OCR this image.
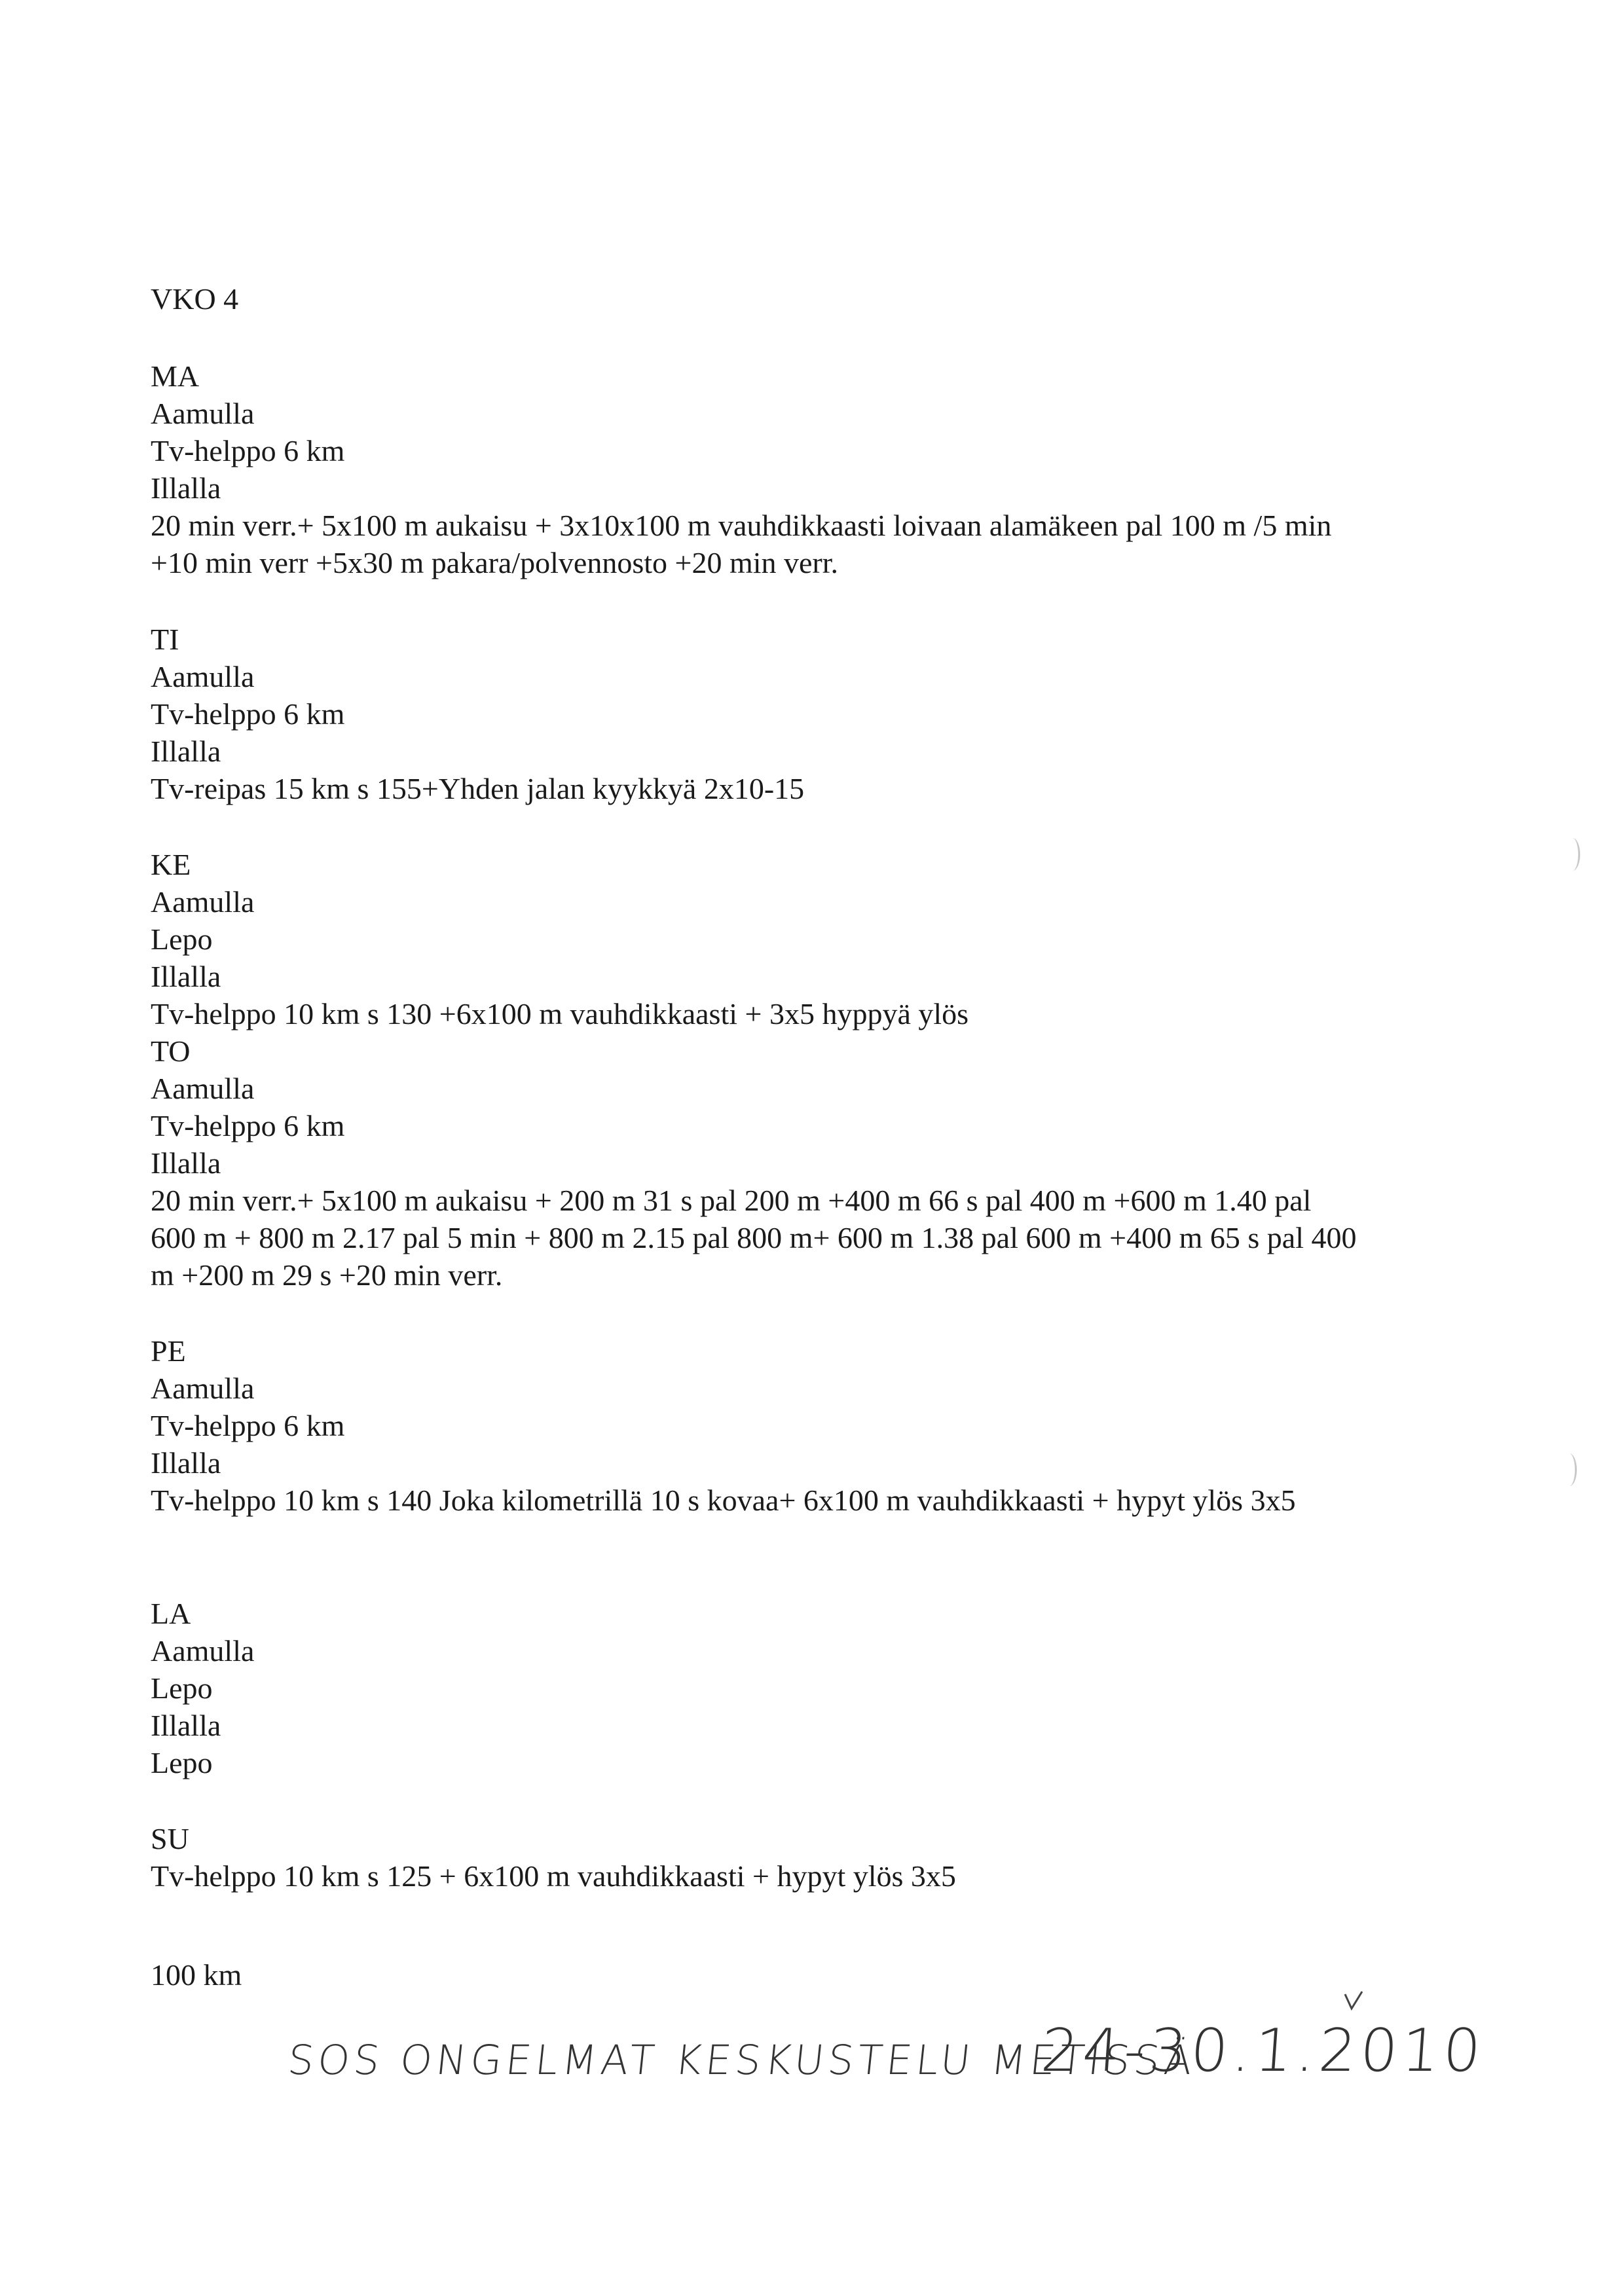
VKO 4
MA
Aamulla
Tv-helppo 6 km
Illalla
20 min verr.+ 5x100 m aukaisu + 3x10x100 m vauhdikkaasti loivaan alamäkeen pal 100 m /5 min
+10 min verr +5x30 m pakara/polvennosto +20 min verr.
TI
Aamulla
Tv-helppo 6 km
Illalla
Tv-reipas 15 km s 155+Yhden jalan kyykkyä 2x10-15
KE
Aamulla
Lepo
Illalla
Tv-helppo 10 km s 130 +6x100 m vauhdikkaasti + 3x5 hyppyä ylös
TO
Aamulla
Tv-helppo 6 km
Illalla
20 min verr.+ 5x100 m aukaisu + 200 m 31 s pal 200 m +400 m 66 s pal 400 m +600 m 1.40 pal
600 m + 800 m 2.17 pal 5 min + 800 m 2.15 pal 800 m+ 600 m 1.38 pal 600 m +400 m 65 s pal 400
m +200 m 29 s +20 min verr.
PE
Aamulla
Tv-helppo 6 km
Illalla
Tv-helppo 10 km s 140 Joka kilometrillä 10 s kovaa+ 6x100 m vauhdikkaasti + hypyt ylös 3x5
LA
Aamulla
Lepo
Illalla
Lepo
SU
Tv-helppo 10 km s 125 + 6x100 m vauhdikkaasti + hypyt ylös 3x5
100 km
SOS ONGELMAT KESKUSTELU METISSÄ
24-30.1.2010
